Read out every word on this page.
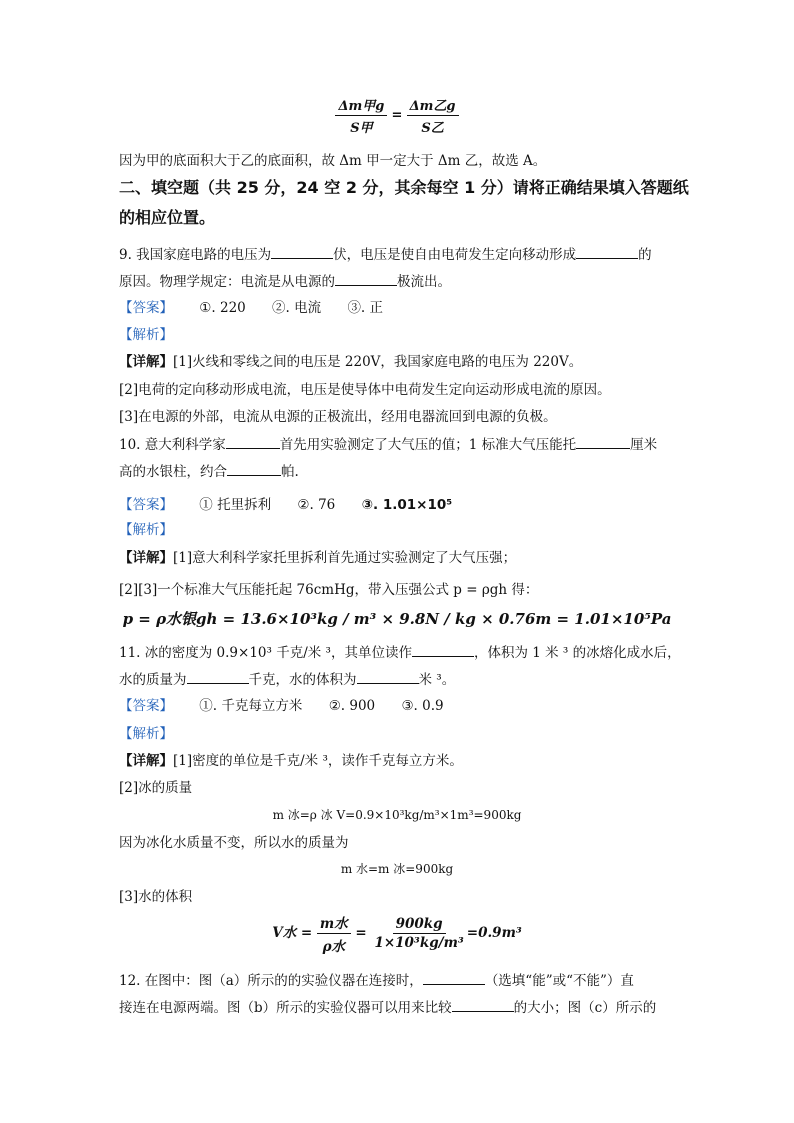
$\frac{\text{Δm甲g}}{\text{S甲}} = \frac{\text{Δm乙g}}{\text{S乙}}$
因为甲的底面积大于乙的底面积，故 Δm 甲一定大于 Δm 乙，故选 A。
二、填空题（共 25 分，24 空 2 分，其余每空 1 分）请将正确结果填入答题纸
的相应位置。
9. 我国家庭电路的电压为	伏，电压是使自由电荷发生定向移动形成	的
原因。物理学规定：电流是从电源的	极流出。
【答案】 ①. 220 ②. 电流 ③. 正
【解析】
【详解】[1]火线和零线之间的电压是 220V，我国家庭电路的电压为 220V。
[2]电荷的定向移动形成电流，电压是使导体中电荷发生定向运动形成电流的原因。
[3]在电源的外部，电流从电源的正极流出，经用电器流回到电源的负极。
10. 意大利科学家	首先用实验测定了大气压的值；1 标准大气压能托	厘米
高的水银柱，约合	帕.
【答案】 ① 托里拆利 ②. 76 ③. 1.01×10⁵
【解析】
【详解】[1]意大利科学家托里拆利首先通过实验测定了大气压强；
[2][3]一个标准大气压能托起 76cmHg，带入压强公式 p = ρgh 得：
p = ρ水银gh = 13.6×10³kg / m³ × 9.8N / kg × 0.76m = 1.01×10⁵Pa
11. 冰的密度为 0.9×10³ 千克/米 ³，其单位读作	，体积为 1 米 ³ 的冰熔化成水后，
水的质量为	千克，水的体积为	米 ³。
【答案】 ①. 千克每立方米 ②. 900 ③. 0.9
【解析】
【详解】[1]密度的单位是千克/米 ³，读作千克每立方米。
[2]冰的质量
m 冰=ρ 冰 V=0.9×10³kg/m³×1m³=900kg
因为冰化水质量不变，所以水的质量为
m 水=m 冰=900kg
[3]水的体积
V水 = $\frac{\text{m水}}{\text{ρ水}} = \frac{900kg}{\text{1×10³kg/m³}} =0.9m^3$
12. 在图中：图（a）所示的的实验仪器在连接时，	（选填“能”或“不能”）直
接连在电源两端。图（b）所示的实验仪器可以用来比较	的大小；图（c）所示的
